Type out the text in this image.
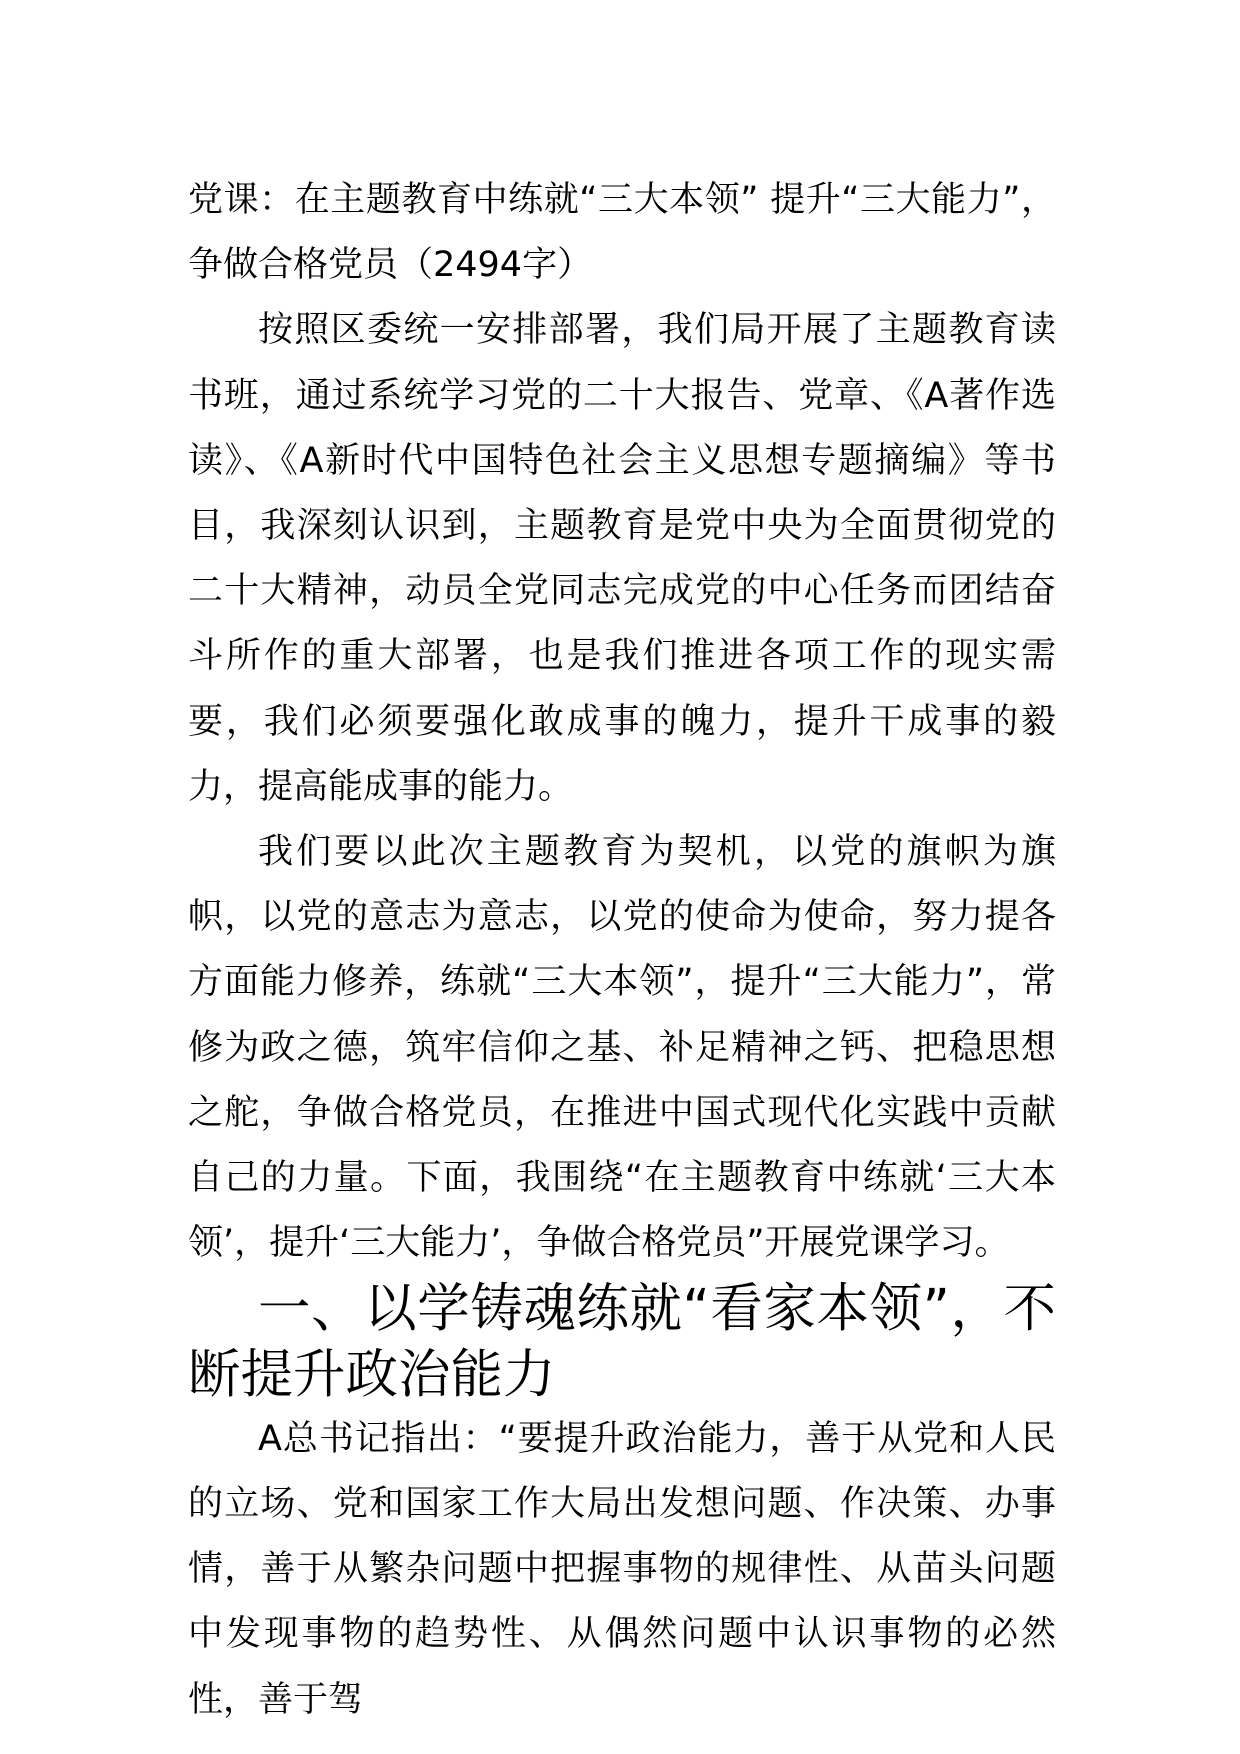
党课：在主题教育中练就“三大本领” 提升“三大能力”，争做合格党员（2494字）

按照区委统一安排部署，我们局开展了主题教育读书班，通过系统学习党的二十大报告、党章、《A著作选读》、《A新时代中国特色社会主义思想专题摘编》等书目，我深刻认识到，主题教育是党中央为全面贯彻党的二十大精神，动员全党同志完成党的中心任务而团结奋斗所作的重大部署，也是我们推进各项工作的现实需要，我们必须要强化敢成事的魄力，提升干成事的毅力，提高能成事的能力。

我们要以此次主题教育为契机，以党的旗帜为旗帜，以党的意志为意志，以党的使命为使命，努力提各方面能力修养，练就“三大本领”，提升“三大能力”，常修为政之德，筑牢信仰之基、补足精神之钙、把稳思想之舵，争做合格党员，在推进中国式现代化实践中贡献自己的力量。下面，我围绕“在主题教育中练就‘三大本领’，提升‘三大能力’，争做合格党员”开展党课学习。

一、以学铸魂练就“看家本领”，不断提升政治能力

A总书记指出：“要提升政治能力，善于从党和人民的立场、党和国家工作大局出发想问题、作决策、办事情，善于从繁杂问题中把握事物的规律性、从苗头问题中发现事物的趋势性、从偶然问题中认识事物的必然性，善于驾
